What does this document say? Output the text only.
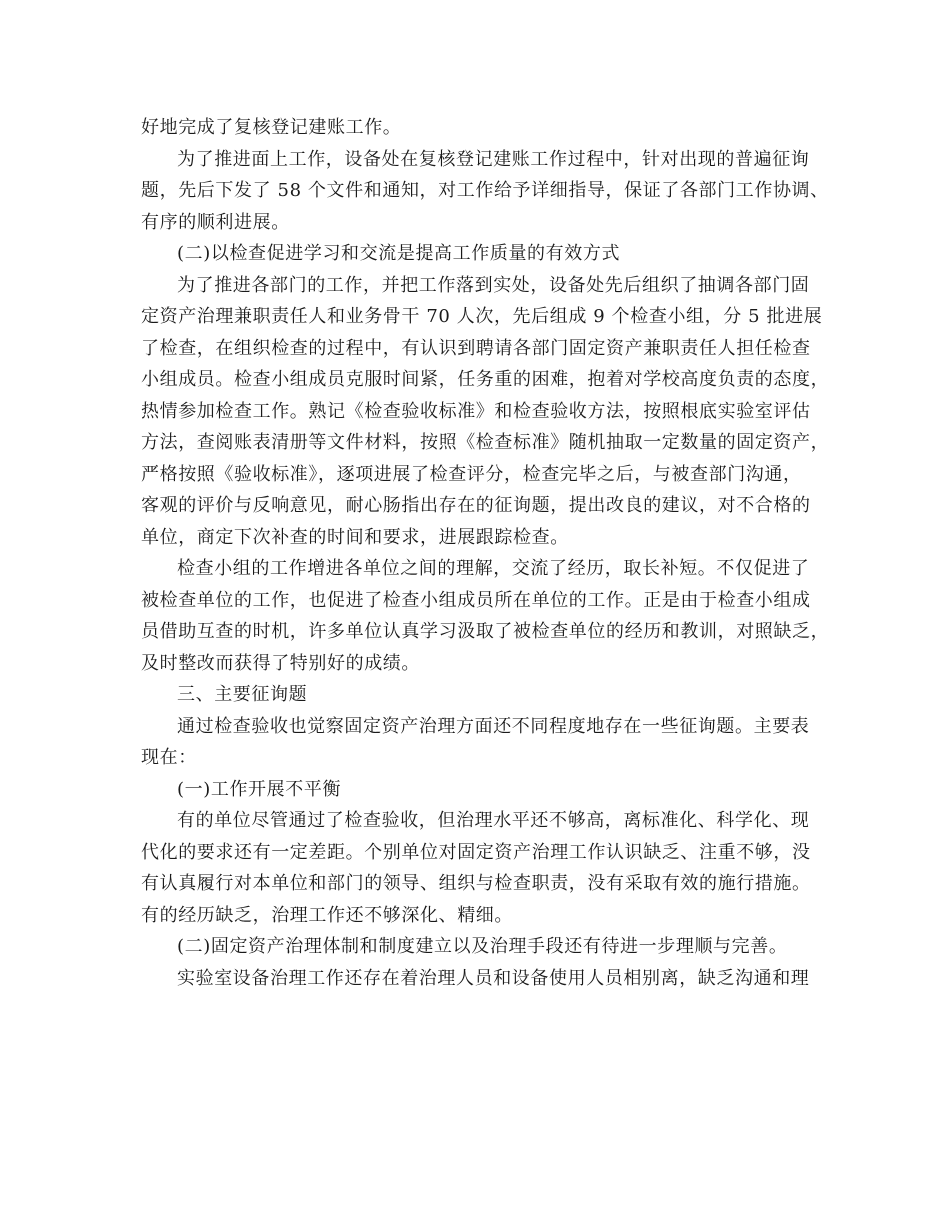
好地完成了复核登记建账工作。
为了推进面上工作，设备处在复核登记建账工作过程中，针对出现的普遍征询
题，先后下发了 58 个文件和通知，对工作给予详细指导，保证了各部门工作协调、
有序的顺利进展。
(二)以检查促进学习和交流是提高工作质量的有效方式
为了推进各部门的工作，并把工作落到实处，设备处先后组织了抽调各部门固
定资产治理兼职责任人和业务骨干 70 人次，先后组成 9 个检查小组，分 5 批进展
了检查，在组织检查的过程中，有认识到聘请各部门固定资产兼职责任人担任检查
小组成员。检查小组成员克服时间紧，任务重的困难，抱着对学校高度负责的态度，
热情参加检查工作。熟记《检查验收标准》和检查验收方法，按照根底实验室评估
方法，查阅账表清册等文件材料，按照《检查标准》随机抽取一定数量的固定资产，
严格按照《验收标准》，逐项进展了检查评分，检查完毕之后，与被查部门沟通，
客观的评价与反响意见，耐心肠指出存在的征询题，提出改良的建议，对不合格的
单位，商定下次补查的时间和要求，进展跟踪检查。
检查小组的工作增进各单位之间的理解，交流了经历，取长补短。不仅促进了
被检查单位的工作，也促进了检查小组成员所在单位的工作。正是由于检查小组成
员借助互查的时机，许多单位认真学习汲取了被检查单位的经历和教训，对照缺乏，
及时整改而获得了特别好的成绩。
三、主要征询题
通过检查验收也觉察固定资产治理方面还不同程度地存在一些征询题。主要表
现在：
(一)工作开展不平衡
有的单位尽管通过了检查验收，但治理水平还不够高，离标准化、科学化、现
代化的要求还有一定差距。个别单位对固定资产治理工作认识缺乏、注重不够，没
有认真履行对本单位和部门的领导、组织与检查职责，没有采取有效的施行措施。
有的经历缺乏，治理工作还不够深化、精细。
(二)固定资产治理体制和制度建立以及治理手段还有待进一步理顺与完善。
实验室设备治理工作还存在着治理人员和设备使用人员相别离，缺乏沟通和理
